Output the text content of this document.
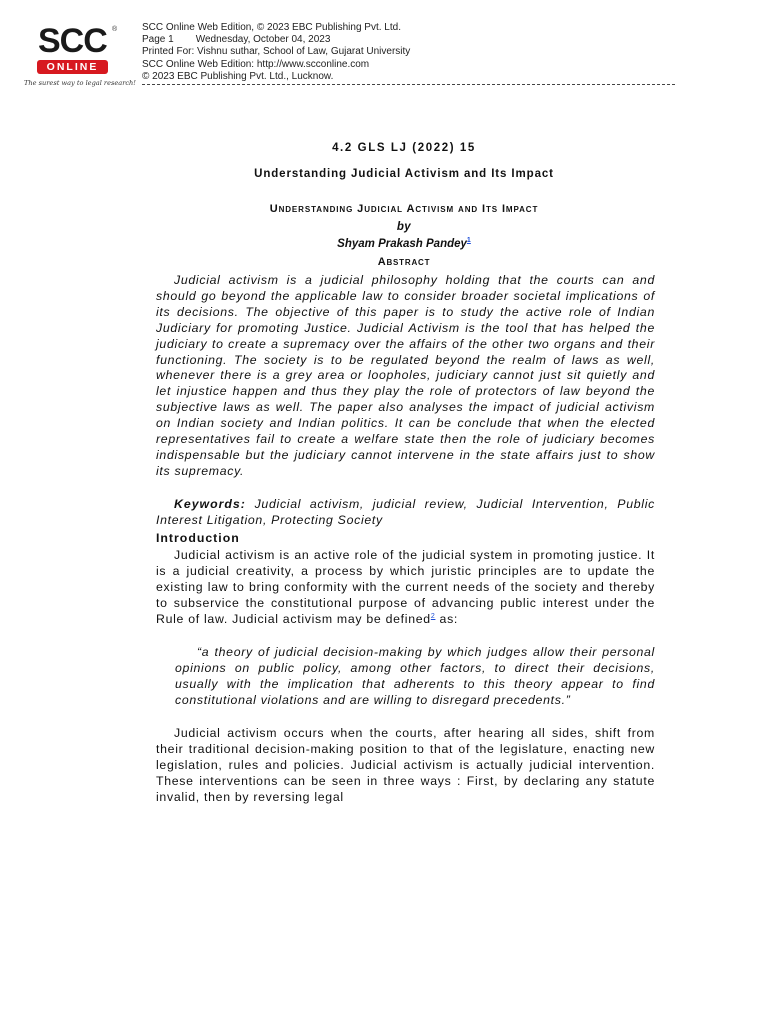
SCC ®
ONLINE
The surest way to legal research!
SCC Online Web Edition, © 2023 EBC Publishing Pvt. Ltd.
Page 1 Wednesday, October 04, 2023
Printed For: Vishnu suthar, School of Law, Gujarat University
SCC Online Web Edition: http://www.scconline.com
© 2023 EBC Publishing Pvt. Ltd., Lucknow.
4.2 GLS LJ (2022) 15
Understanding Judicial Activism and Its Impact
Understanding Judicial Activism and Its Impact
by
Shyam Prakash Pandey$^1$
Abstract
Judicial activism is a judicial philosophy holding that the courts can and should go beyond the applicable law to consider broader societal implications of its decisions. The objective of this paper is to study the active role of Indian Judiciary for promoting Justice. Judicial Activism is the tool that has helped the judiciary to create a supremacy over the affairs of the other two organs and their functioning. The society is to be regulated beyond the realm of laws as well, whenever there is a grey area or loopholes, judiciary cannot just sit quietly and let injustice happen and thus they play the role of protectors of law beyond the subjective laws as well. The paper also analyses the impact of judicial activism on Indian society and Indian politics. It can be conclude that when the elected representatives fail to create a welfare state then the role of judiciary becomes indispensable but the judiciary cannot intervene in the state affairs just to show its supremacy.
Keywords: Judicial activism, judicial review, Judicial Intervention, Public Interest Litigation, Protecting Society
Introduction
Judicial activism is an active role of the judicial system in promoting justice. It is a judicial creativity, a process by which juristic principles are to update the existing law to bring conformity with the current needs of the society and thereby to subservice the constitutional purpose of advancing public interest under the Rule of law. Judicial activism may be defined$^2$ as:
“a theory of judicial decision-making by which judges allow their personal opinions on public policy, among other factors, to direct their decisions, usually with the implication that adherents to this theory appear to find constitutional violations and are willing to disregard precedents.”
Judicial activism occurs when the courts, after hearing all sides, shift from their traditional decision-making position to that of the legislature, enacting new legislation, rules and policies. Judicial activism is actually judicial intervention. These interventions can be seen in three ways : First, by declaring any statute invalid, then by reversing legal
